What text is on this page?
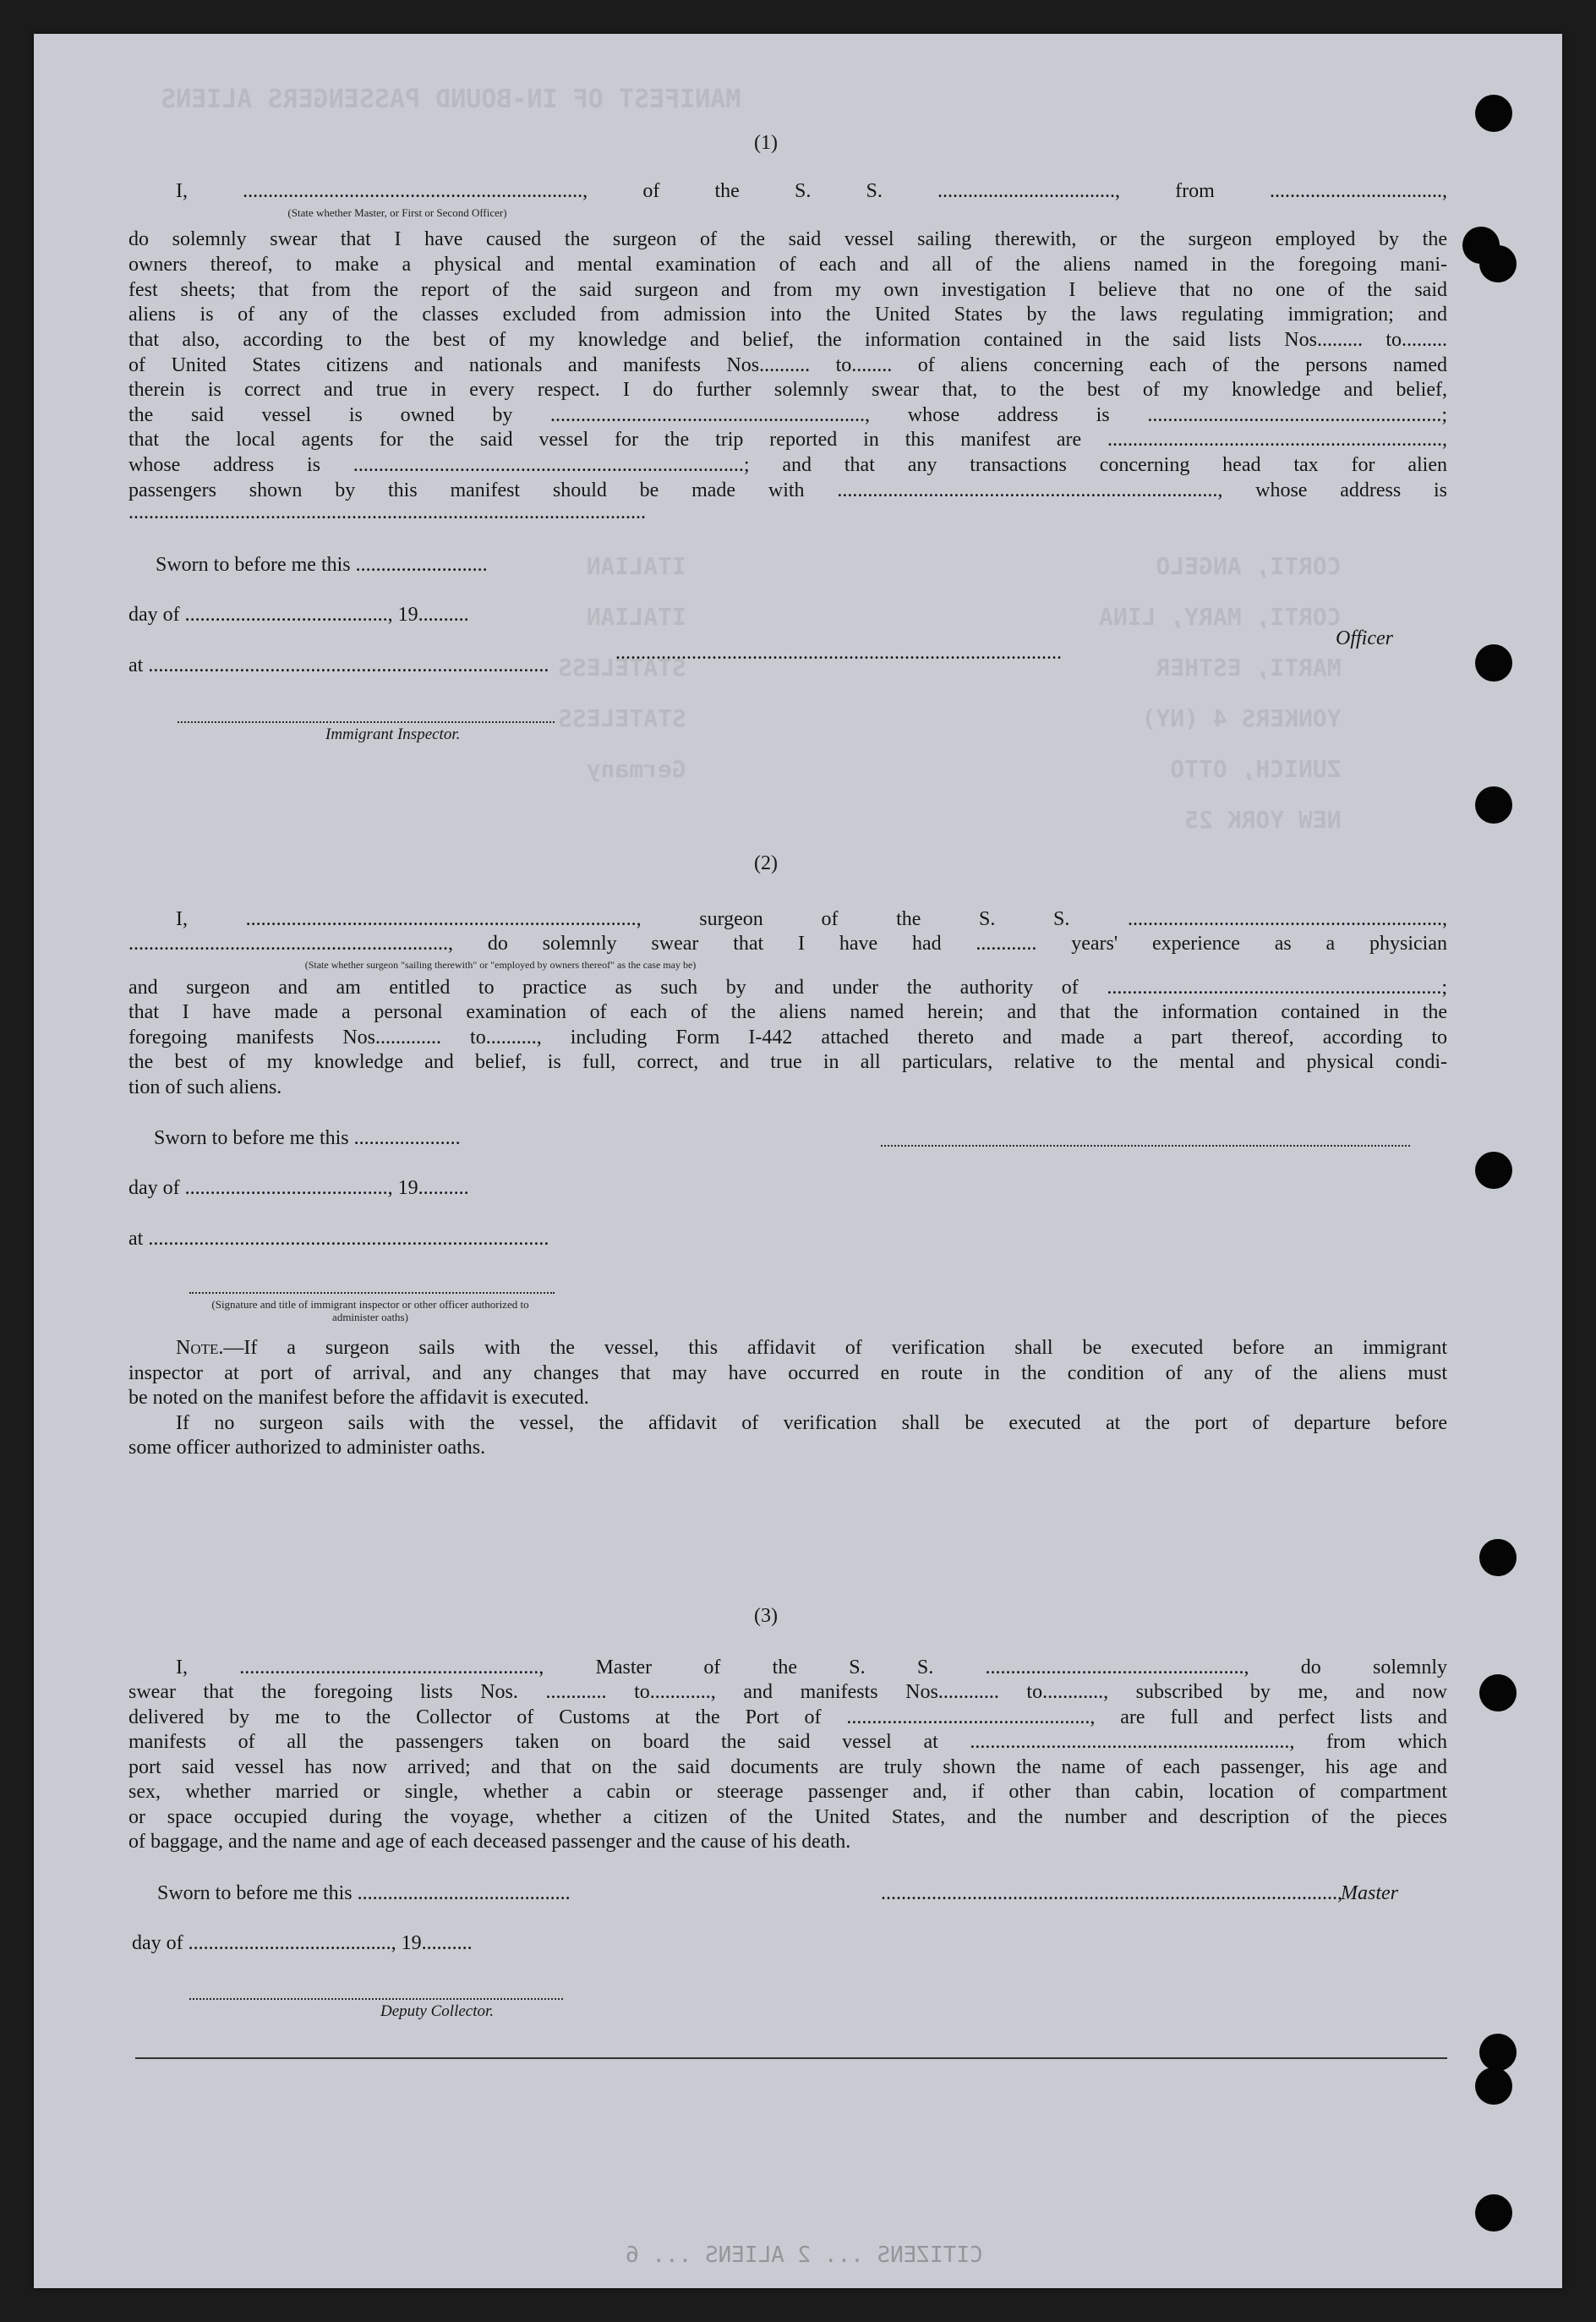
MANIFEST OF IN-BOUND PASSENGERS ALIENS
CORTI, ANGELO
CORTI, MARY, LINA
MARTI, ESTHER
YONKERS 4 (NY)
ZUNICH, OTTO
NEW YORK 25
ITALIAN
ITALIAN
STATELESS
STATELESS
Germany
(1)
I, ..................................................................., of the S. S. ..................................., from ..................................,
(State whether Master, or First or Second Officer)
do solemnly swear that I have caused the surgeon of the said vessel sailing therewith, or the surgeon employed by the
owners thereof, to make a physical and mental examination of each and all of the aliens named in the foregoing mani-
fest sheets; that from the report of the said surgeon and from my own investigation I believe that no one of the said
aliens is of any of the classes excluded from admission into the United States by the laws regulating immigration; and
that also, according to the best of my knowledge and belief, the information contained in the said lists Nos......... to.........
of United States citizens and nationals and manifests Nos.......... to........ of aliens concerning each of the persons named
therein is correct and true in every respect. I do further solemnly swear that, to the best of my knowledge and belief,
the said vessel is owned by .............................................................., whose address is ..........................................................;
that the local agents for the said vessel for the trip reported in this manifest are ..................................................................,
whose address is .............................................................................; and that any transactions concerning head tax for alien
passengers shown by this manifest should be made with ..........................................................................., whose address is
......................................................................................................
Sworn to before me this ..........................
day of ........................................, 19..........
........................................................................................
Officer
at ...............................................................................
Immigrant Inspector.
(2)
I, ............................................................................., surgeon of the S. S. ..............................................................,
..............................................................., do solemnly swear that I have had ............ years' experience as a physician
(State whether surgeon "sailing therewith" or "employed by owners thereof" as the case may be)
and surgeon and am entitled to practice as such by and under the authority of ..................................................................;
that I have made a personal examination of each of the aliens named herein; and that the information contained in the
foregoing manifests Nos............. to.........., including Form I-442 attached thereto and made a part thereof, according to
the best of my knowledge and belief, is full, correct, and true in all particulars, relative to the mental and physical condi-
tion of such aliens.
Sworn to before me this .....................
day of ........................................, 19..........
at ...............................................................................
(Signature and title of immigrant inspector or other officer authorized to administer oaths)
Note.—If a surgeon sails with the vessel, this affidavit of verification shall be executed before an immigrant
inspector at port of arrival, and any changes that may have occurred en route in the condition of any of the aliens must
be noted on the manifest before the affidavit is executed.
If no surgeon sails with the vessel, the affidavit of verification shall be executed at the port of departure before
some officer authorized to administer oaths.
(3)
I, ..........................................................., Master of the S. S. ..................................................., do solemnly
swear that the foregoing lists Nos. ............ to............, and manifests Nos............ to............, subscribed by me, and now
delivered by me to the Collector of Customs at the Port of ................................................, are full and perfect lists and
manifests of all the passengers taken on board the said vessel at ..............................................................., from which
port said vessel has now arrived; and that on the said documents are truly shown the name of each passenger, his age and
sex, whether married or single, whether a cabin or steerage passenger and, if other than cabin, location of compartment
or space occupied during the voyage, whether a citizen of the United States, and the number and description of the pieces
of baggage, and the name and age of each deceased passenger and the cause of his death.
Sworn to before me this ..........................................	..........................................................................................,
Master
day of ........................................, 19..........
Deputy Collector.
CITIZENS ... 2 ALIENS ... 6
